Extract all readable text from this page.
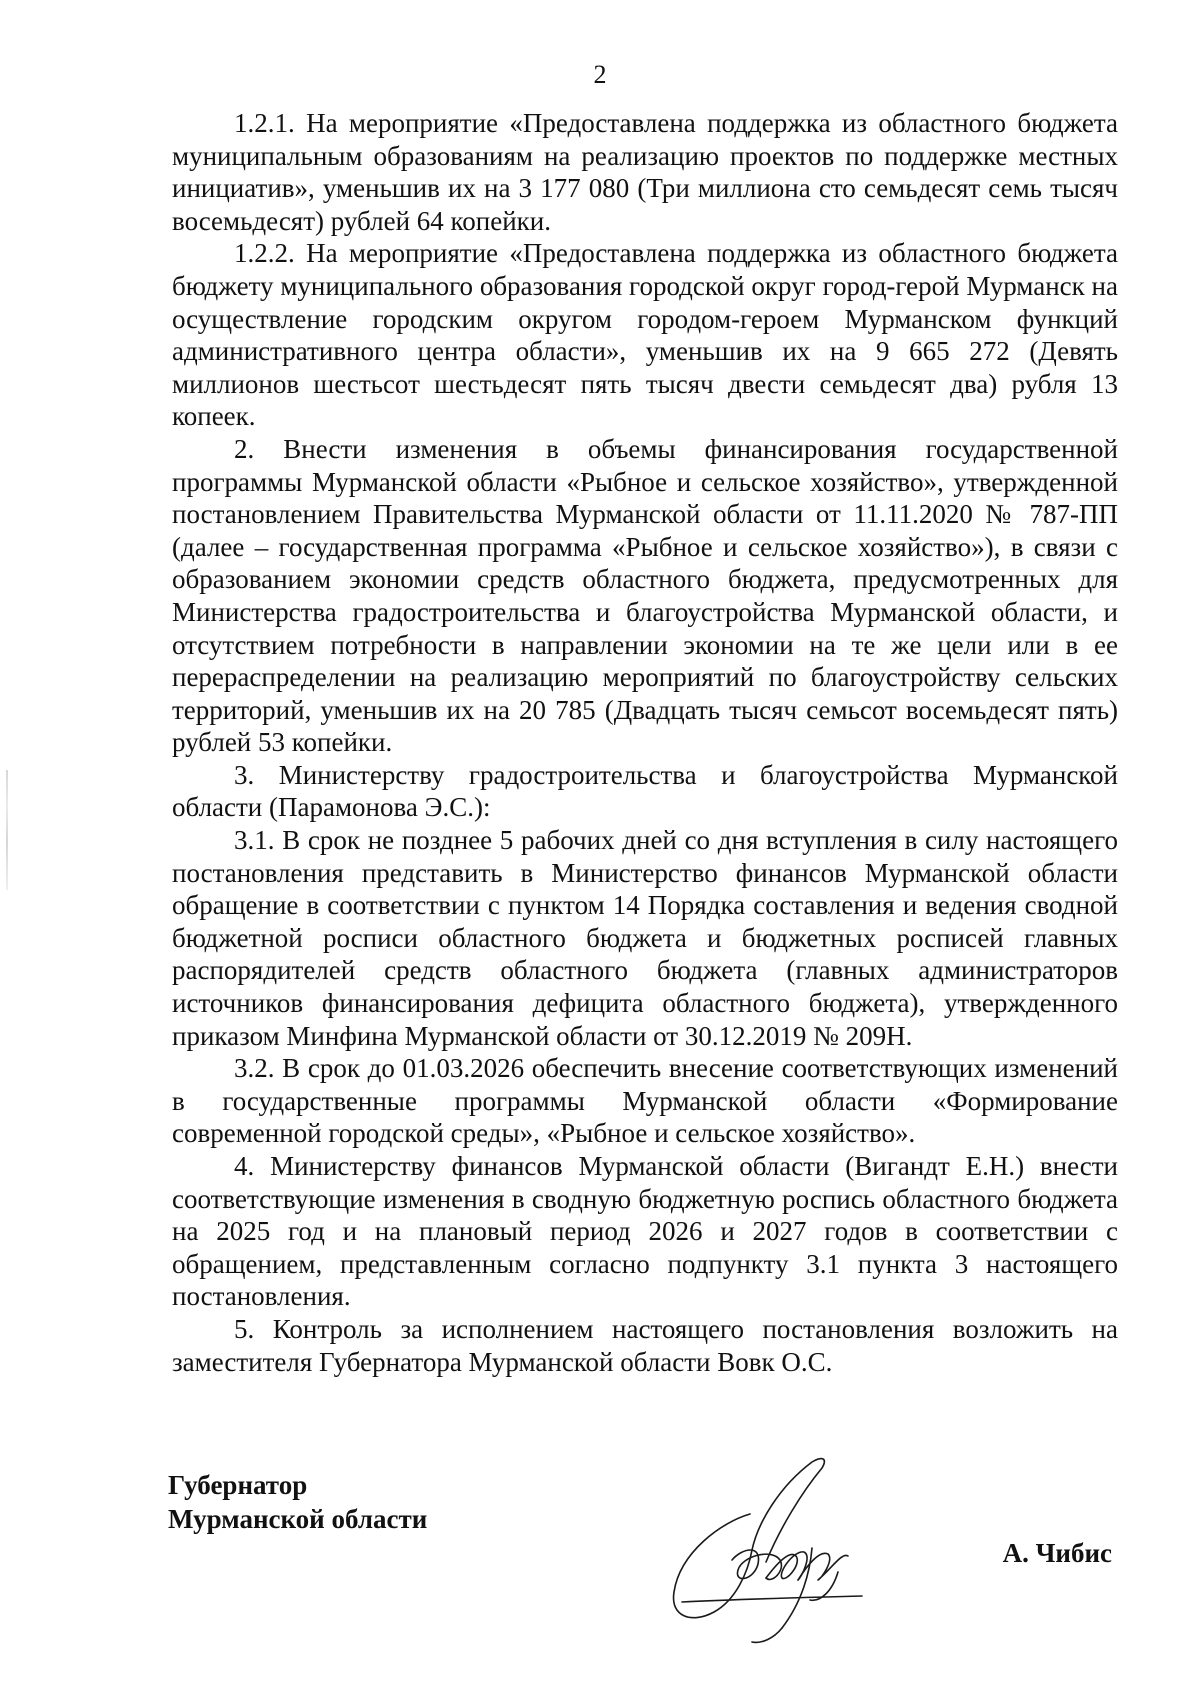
2

1.2.1. На мероприятие «Предоставлена поддержка из областного бюджета муниципальным образованиям на реализацию проектов по поддержке местных инициатив», уменьшив их на 3 177 080 (Три миллиона сто семьдесят семь тысяч восемьдесят) рублей 64 копейки.

1.2.2. На мероприятие «Предоставлена поддержка из областного бюджета бюджету муниципального образования городской округ город-герой Мурманск на осуществление городским округом городом-героем Мурманском функций административного центра области», уменьшив их на 9 665 272 (Девять миллионов шестьсот шестьдесят пять тысяч двести семьдесят два) рубля 13 копеек.

2. Внести изменения в объемы финансирования государственной программы Мурманской области «Рыбное и сельское хозяйство», утвержденной постановлением Правительства Мурманской области от 11.11.2020 № 787-ПП (далее – государственная программа «Рыбное и сельское хозяйство»), в связи с образованием экономии средств областного бюджета, предусмотренных для Министерства градостроительства и благоустройства Мурманской области, и отсутствием потребности в направлении экономии на те же цели или в ее перераспределении на реализацию мероприятий по благоустройству сельских территорий, уменьшив их на 20 785 (Двадцать тысяч семьсот восемьдесят пять) рублей 53 копейки.

3. Министерству градостроительства и благоустройства Мурманской области (Парамонова Э.С.):

3.1. В срок не позднее 5 рабочих дней со дня вступления в силу настоящего постановления представить в Министерство финансов Мурманской области обращение в соответствии с пунктом 14 Порядка составления и ведения сводной бюджетной росписи областного бюджета и бюджетных росписей главных распорядителей средств областного бюджета (главных администраторов источников финансирования дефицита областного бюджета), утвержденного приказом Минфина Мурманской области от 30.12.2019 № 209Н.

3.2. В срок до 01.03.2026 обеспечить внесение соответствующих изменений в государственные программы Мурманской области «Формирование современной городской среды», «Рыбное и сельское хозяйство».

4. Министерству финансов Мурманской области (Вигандт Е.Н.) внести соответствующие изменения в сводную бюджетную роспись областного бюджета на 2025 год и на плановый период 2026 и 2027 годов в соответствии с обращением, представленным согласно подпункту 3.1 пункта 3 настоящего постановления.

5. Контроль за исполнением настоящего постановления возложить на заместителя Губернатора Мурманской области Вовк О.С.

Губернатор
Мурманской области
А. Чибис
